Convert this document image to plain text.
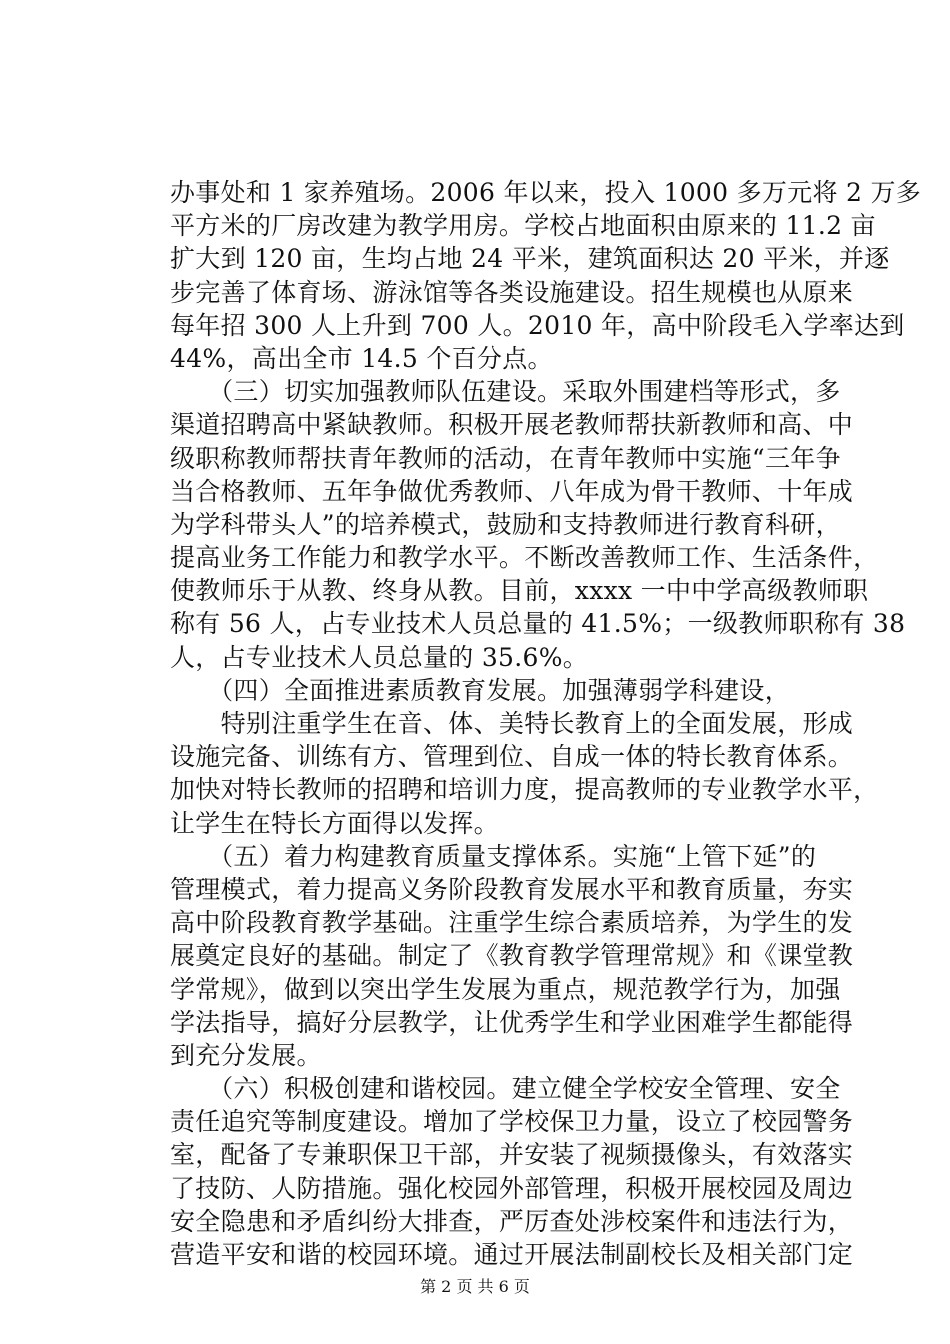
办事处和 1 家养殖场。2006 年以来，投入 1000 多万元将 2 万多
平方米的厂房改建为教学用房。学校占地面积由原来的 11.2 亩
扩大到 120 亩，生均占地 24 平米，建筑面积达 20 平米，并逐
步完善了体育场、游泳馆等各类设施建设。招生规模也从原来
每年招 300 人上升到 700 人。2010 年，高中阶段毛入学率达到
44%，高出全市 14.5 个百分点。
　　（三）切实加强教师队伍建设。采取外围建档等形式，多
渠道招聘高中紧缺教师。积极开展老教师帮扶新教师和高、中
级职称教师帮扶青年教师的活动，在青年教师中实施“三年争
当合格教师、五年争做优秀教师、八年成为骨干教师、十年成
为学科带头人”的培养模式，鼓励和支持教师进行教育科研，
提高业务工作能力和教学水平。不断改善教师工作、生活条件，
使教师乐于从教、终身从教。目前，xxxx 一中中学高级教师职
称有 56 人，占专业技术人员总量的 41.5%；一级教师职称有 38
人，占专业技术人员总量的 35.6%。
　　（四）全面推进素质教育发展。加强薄弱学科建设，
　　特别注重学生在音、体、美特长教育上的全面发展，形成
设施完备、训练有方、管理到位、自成一体的特长教育体系。
加快对特长教师的招聘和培训力度，提高教师的专业教学水平，
让学生在特长方面得以发挥。
　　（五）着力构建教育质量支撑体系。实施“上管下延”的
管理模式，着力提高义务阶段教育发展水平和教育质量，夯实
高中阶段教育教学基础。注重学生综合素质培养，为学生的发
展奠定良好的基础。制定了《教育教学管理常规》和《课堂教
学常规》，做到以突出学生发展为重点，规范教学行为，加强
学法指导，搞好分层教学，让优秀学生和学业困难学生都能得
到充分发展。
　　（六）积极创建和谐校园。建立健全学校安全管理、安全
责任追究等制度建设。增加了学校保卫力量，设立了校园警务
室，配备了专兼职保卫干部，并安装了视频摄像头，有效落实
了技防、人防措施。强化校园外部管理，积极开展校园及周边
安全隐患和矛盾纠纷大排查，严厉查处涉校案件和违法行为，
营造平安和谐的校园环境。通过开展法制副校长及相关部门定
第 2 页 共 6 页
